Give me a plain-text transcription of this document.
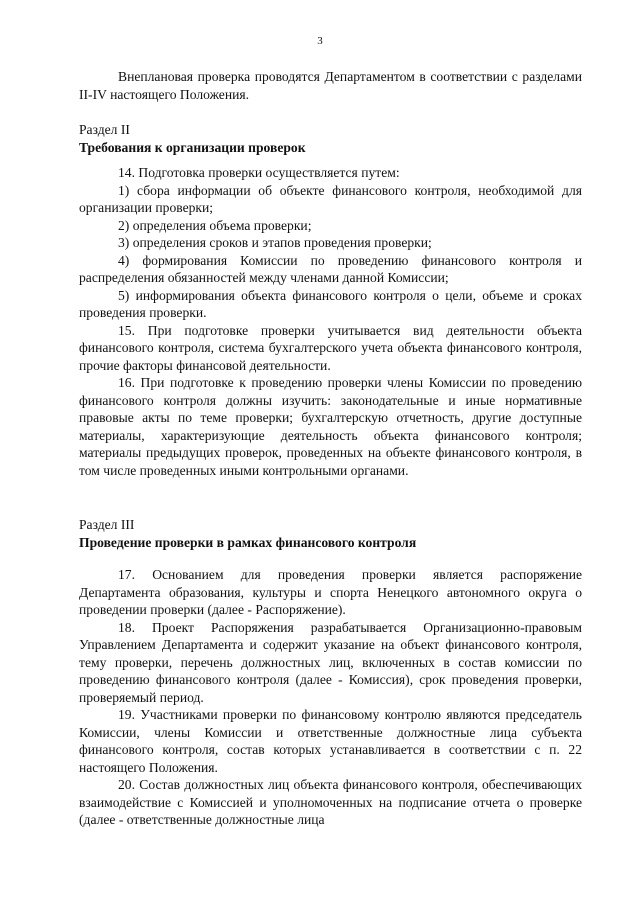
3

Внеплановая проверка проводятся Департаментом в соответствии с разделами II-IV настоящего Положения.

Раздел II
Требования к организации проверок

14. Подготовка проверки осуществляется путем:

1) сбора информации об объекте финансового контроля, необходимой для организации проверки;

2) определения объема проверки;

3) определения сроков и этапов проведения проверки;

4) формирования Комиссии по проведению финансового контроля и распределения обязанностей между членами данной Комиссии;

5) информирования объекта финансового контроля о цели, объеме и сроках проведения проверки.

15. При подготовке проверки учитывается вид деятельности объекта финансового контроля, система бухгалтерского учета объекта финансового контроля, прочие факторы финансовой деятельности.

16. При подготовке к проведению проверки члены Комиссии по проведению финансового контроля должны изучить: законодательные и иные нормативные правовые акты по теме проверки; бухгалтерскую отчетность, другие доступные материалы, характеризующие деятельность объекта финансового контроля; материалы предыдущих проверок, проведенных на объекте финансового контроля, в том числе проведенных иными контрольными органами.

Раздел III
Проведение проверки в рамках финансового контроля

17. Основанием для проведения проверки является распоряжение Департамента образования, культуры и спорта Ненецкого автономного округа о проведении проверки (далее - Распоряжение).

18. Проект Распоряжения разрабатывается Организационно-правовым Управлением Департамента и содержит указание на объект финансового контроля, тему проверки, перечень должностных лиц, включенных в состав комиссии по проведению финансового контроля (далее - Комиссия), срок проведения проверки, проверяемый период.

19. Участниками проверки по финансовому контролю являются председатель Комиссии, члены Комиссии и ответственные должностные лица субъекта финансового контроля, состав которых устанавливается в соответствии с п. 22 настоящего Положения.

20. Состав должностных лиц объекта финансового контроля, обеспечивающих взаимодействие с Комиссией и уполномоченных на подписание отчета о проверке (далее - ответственные должностные лица
